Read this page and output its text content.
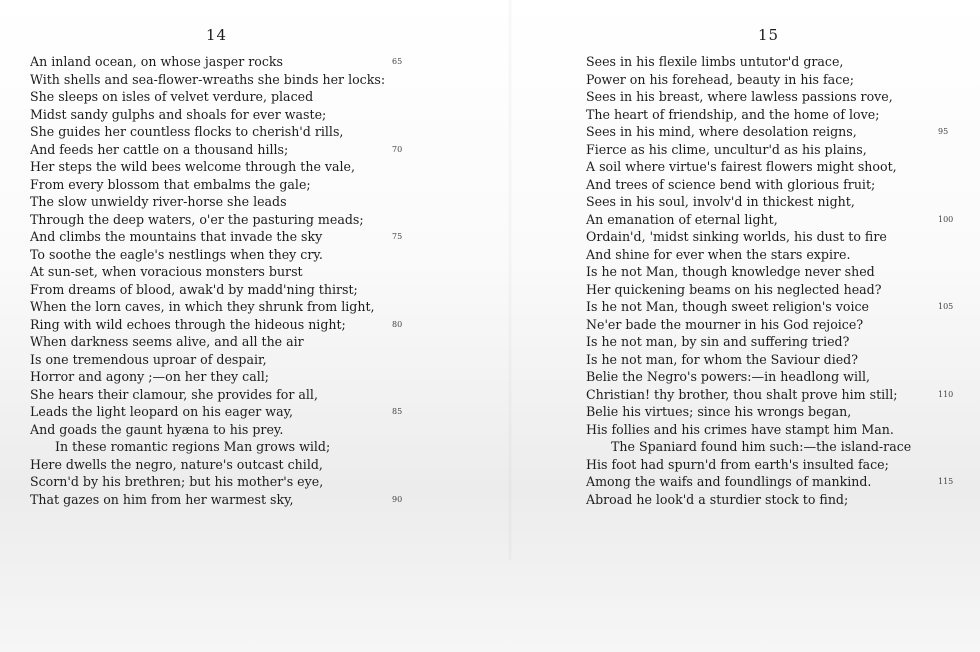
14
An inland ocean, on whose jasper rocks	65
With shells and sea-flower-wreaths she binds her locks:
She sleeps on isles of velvet verdure, placed
Midst sandy gulphs and shoals for ever waste;
She guides her countless flocks to cherish'd rills,
And feeds her cattle on a thousand hills;	70
Her steps the wild bees welcome through the vale,
From every blossom that embalms the gale;
The slow unwieldy river-horse she leads
Through the deep waters, o'er the pasturing meads;
And climbs the mountains that invade the sky	75
To soothe the eagle's nestlings when they cry.
At sun-set, when voracious monsters burst
From dreams of blood, awak'd by madd'ning thirst;
When the lorn caves, in which they shrunk from light,
Ring with wild echoes through the hideous night;	80
When darkness seems alive, and all the air
Is one tremendous uproar of despair,
Horror and agony ;—on her they call;
She hears their clamour, she provides for all,
Leads the light leopard on his eager way,	85
And goads the gaunt hyæna to his prey.
In these romantic regions Man grows wild;
Here dwells the negro, nature's outcast child,
Scorn'd by his brethren; but his mother's eye,
That gazes on him from her warmest sky,	90
15
Sees in his flexile limbs untutor'd grace,
Power on his forehead, beauty in his face;
Sees in his breast, where lawless passions rove,
The heart of friendship, and the home of love;
Sees in his mind, where desolation reigns,	95
Fierce as his clime, uncultur'd as his plains,
A soil where virtue's fairest flowers might shoot,
And trees of science bend with glorious fruit;
Sees in his soul, involv'd in thickest night,
An emanation of eternal light,	100
Ordain'd, 'midst sinking worlds, his dust to fire
And shine for ever when the stars expire.
Is he not Man, though knowledge never shed
Her quickening beams on his neglected head?
Is he not Man, though sweet religion's voice	105
Ne'er bade the mourner in his God rejoice?
Is he not man, by sin and suffering tried?
Is he not man, for whom the Saviour died?
Belie the Negro's powers:—in headlong will,
Christian! thy brother, thou shalt prove him still;	110
Belie his virtues; since his wrongs began,
His follies and his crimes have stampt him Man.
The Spaniard found him such:—the island-race
His foot had spurn'd from earth's insulted face;
Among the waifs and foundlings of mankind.	115
Abroad he look'd a sturdier stock to find;
